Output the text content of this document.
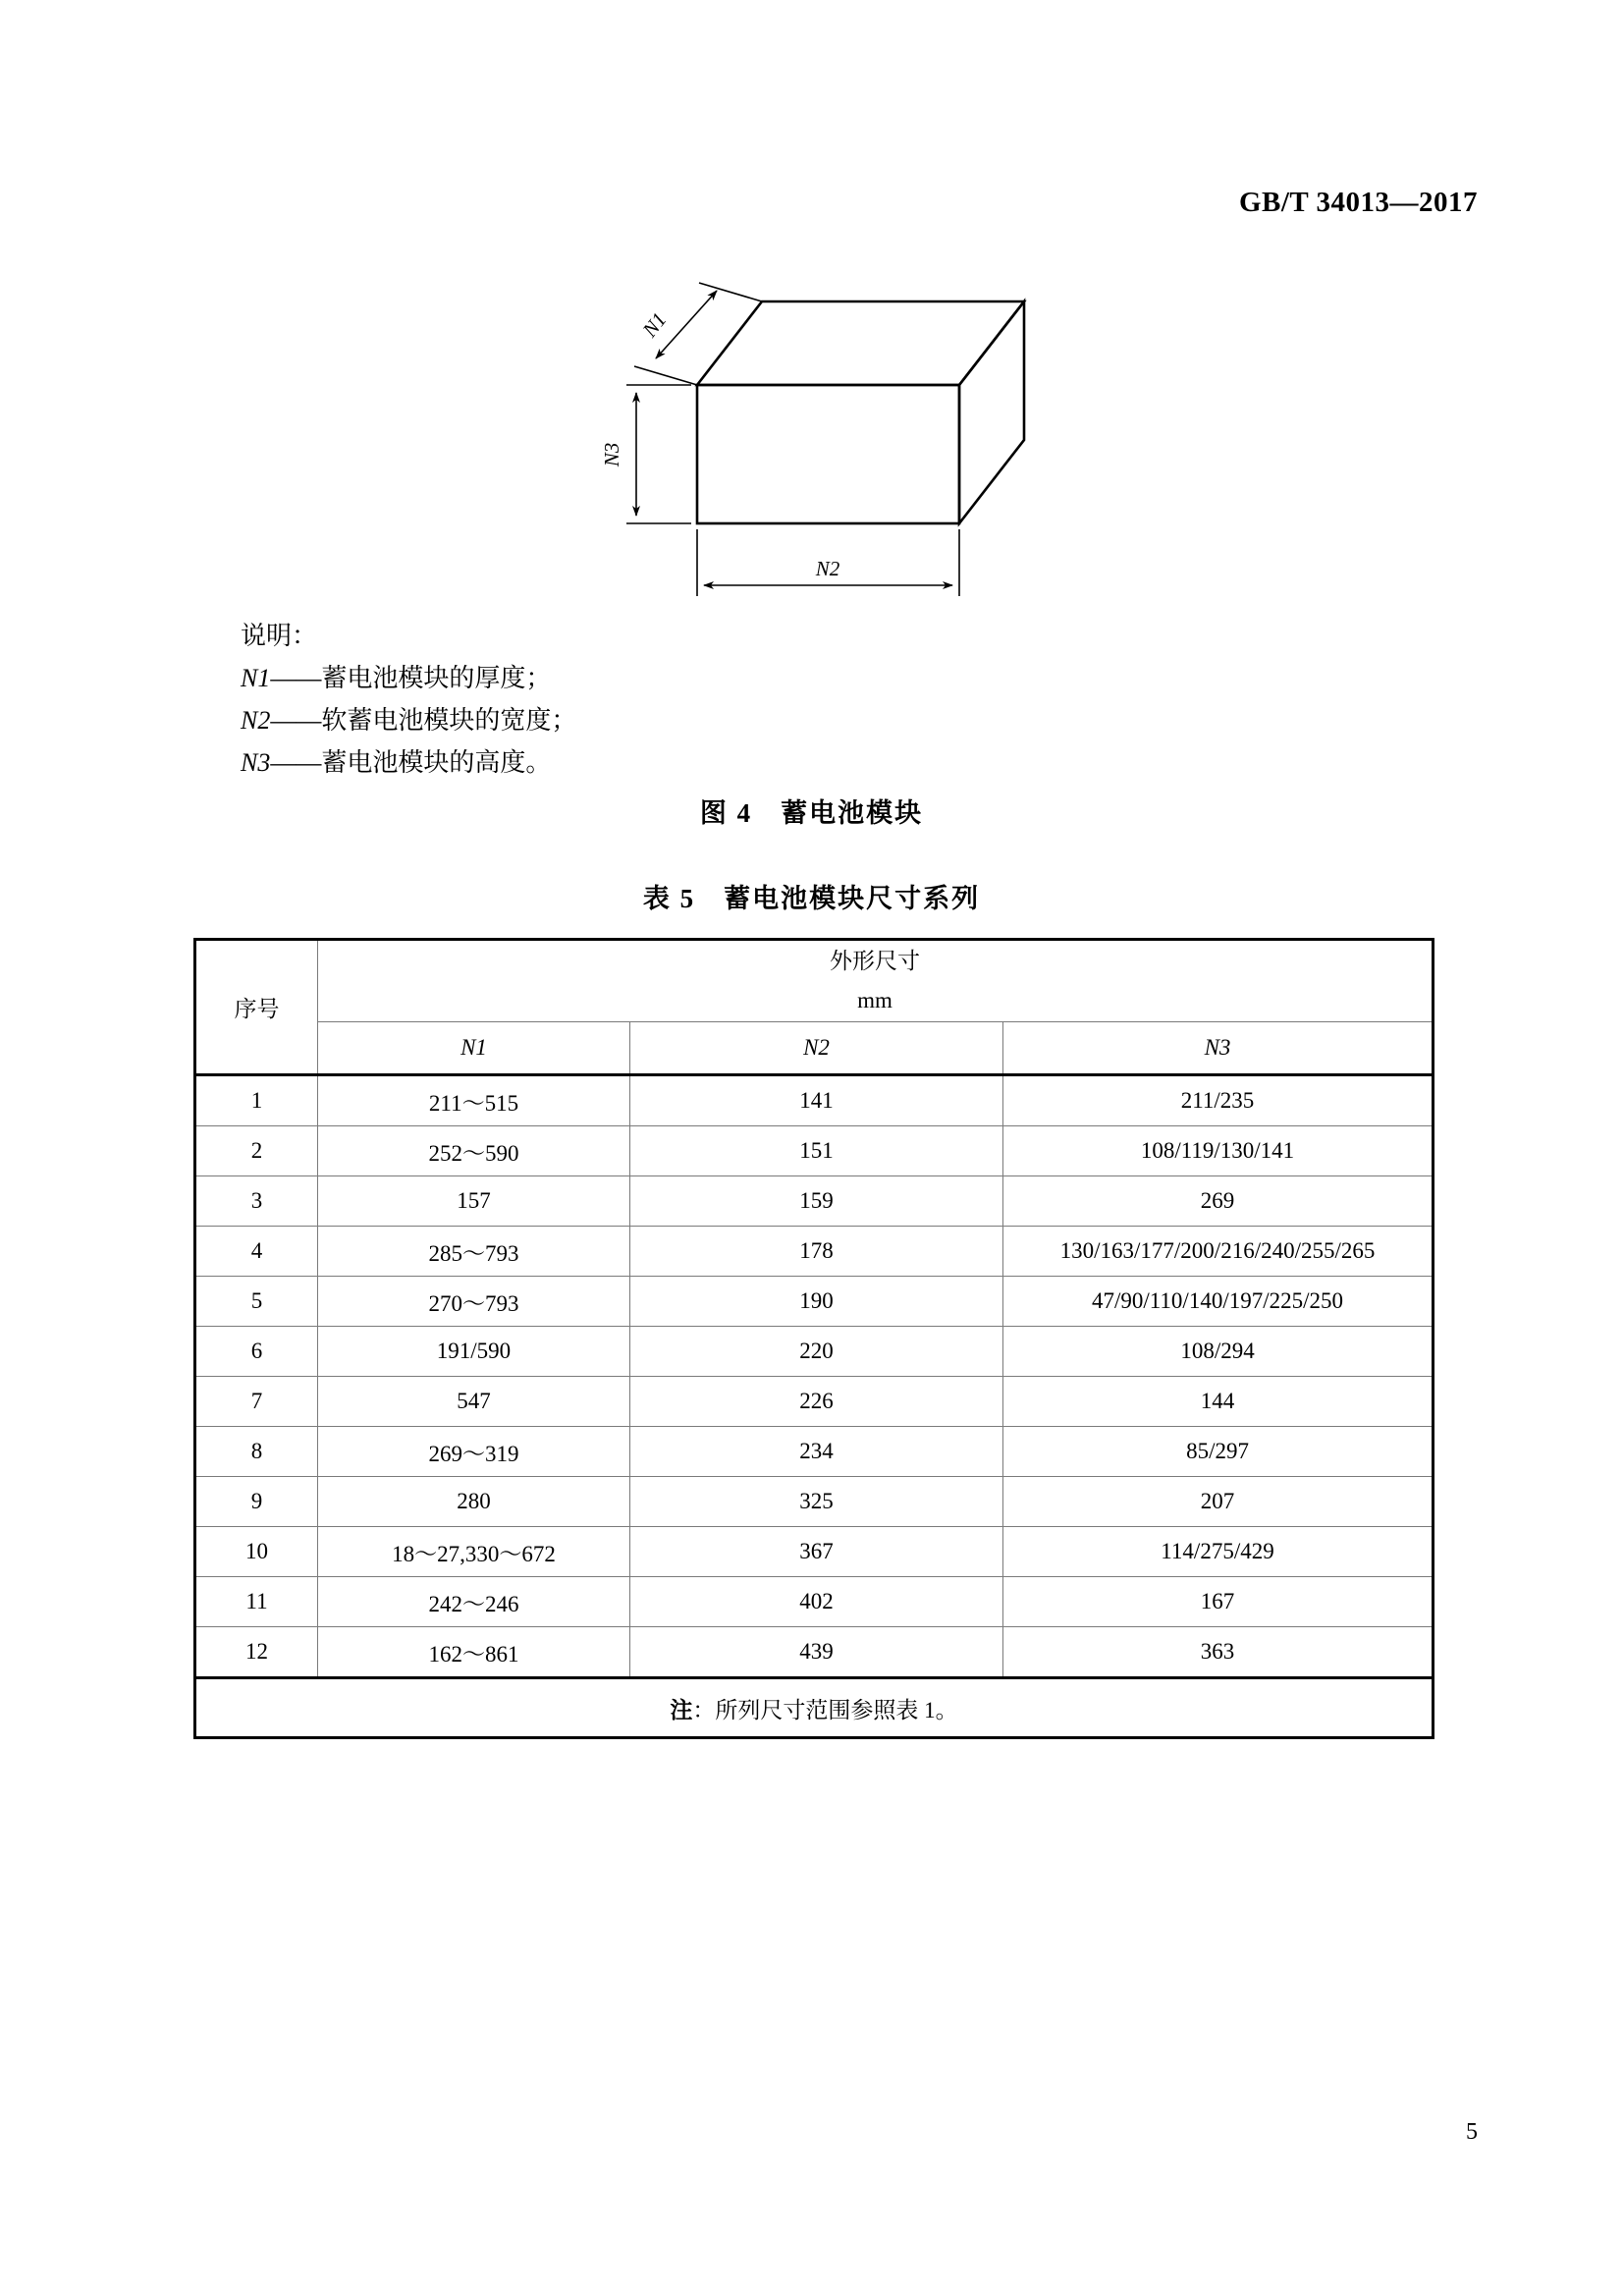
GB/T 34013—2017
N1
N3
N2
说明：
N1——蓄电池模块的厚度；
N2——软蓄电池模块的宽度；
N3——蓄电池模块的高度。
图 4　蓄电池模块
表 5　蓄电池模块尺寸系列
序号	外形尺寸
mm		

	N1	N2	N3
1	211～515	141	211/235
2	252～590	151	108/119/130/141
3	157	159	269
4	285～793	178	130/163/177/200/216/240/255/265
5	270～793	190	47/90/110/140/197/225/250
6	191/590	220	108/294
7	547	226	144
8	269～319	234	85/297
9	280	325	207
10	18～27,330～672	367	114/275/429
11	242～246	402	167
12	162～861	439	363
注：所列尺寸范围参照表 1。			
5
